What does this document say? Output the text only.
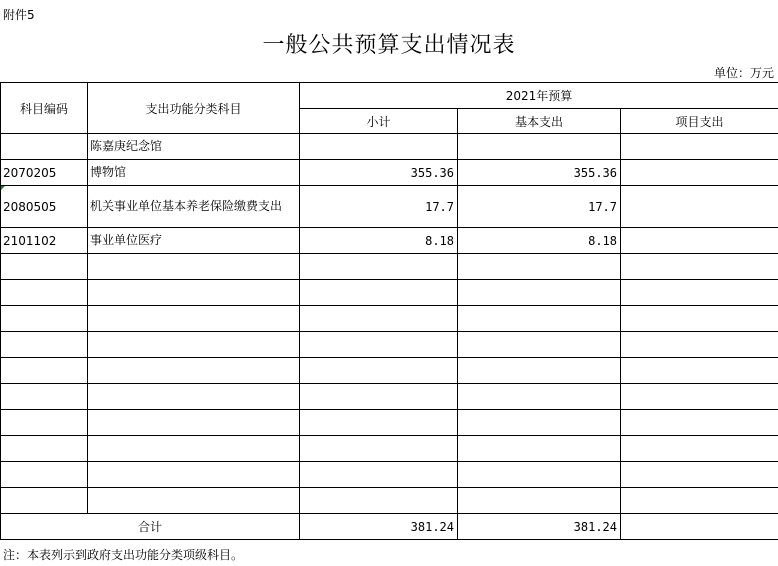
附件5
一般公共预算支出情况表
单位：万元
科目编码	支出功能分类科目	2021年预算		
		小计	基本支出	项目支出
	陈嘉庚纪念馆			
2070205	博物馆	355.36	355.36	
2080505	机关事业单位基本养老保险缴费支出	17.7	17.7	
2101102	事业单位医疗	8.18	8.18	

合计		381.24	381.24	
注：本表列示到政府支出功能分类项级科目。
